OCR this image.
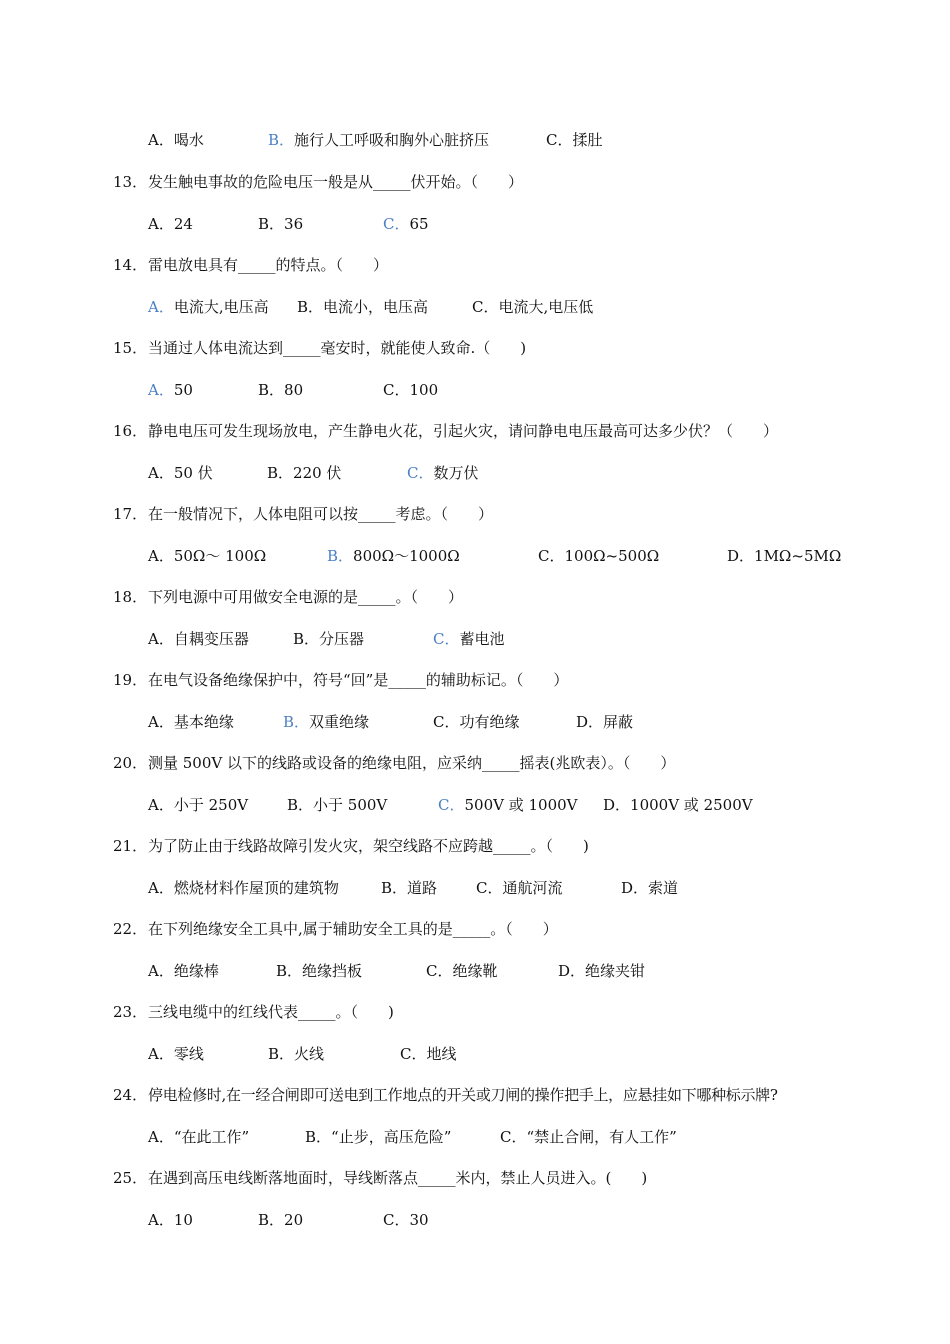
A．喝水	B．施行人工呼吸和胸外心脏挤压	C．揉肚
13． 发生触电事故的危险电压一般是从_____伏开始。（　　）
A．24	B．36	C．65
14． 雷电放电具有_____的特点。（　　）
A．电流大,电压高 B．电流小，电压高	C．电流大,电压低
15． 当通过人体电流达到_____毫安时，就能使人致命.（　　)
A．50	B．80	C．100
16． 静电电压可发生现场放电，产生静电火花，引起火灾，请问静电电压最高可达多少伏？（　　）
A．50 伏	B．220 伏	C．数万伏
17． 在一般情况下，人体电阻可以按_____考虑。（　　）
A．50Ω～ 100Ω	B．800Ω～1000Ω	C．100Ω~500Ω	D．1MΩ~5MΩ
18． 下列电源中可用做安全电源的是_____。（　　）
A．自耦变压器	B．分压器	C．蓄电池
19． 在电气设备绝缘保护中，符号“回”是_____的辅助标记。（　　）
A．基本绝缘	B．双重绝缘	C．功有绝缘	D．屏蔽
20． 测量 500V 以下的线路或设备的绝缘电阻，应采纳_____摇表(兆欧表）。（　　）
A．小于 250V	B．小于 500V	C．500V 或 1000V D．1000V 或 2500V
21． 为了防止由于线路故障引发火灾，架空线路不应跨越_____。（　　)
A．燃烧材料作屋顶的建筑物	B．道路	C．通航河流	D．索道
22． 在下列绝缘安全工具中,属于辅助安全工具的是_____。（　　）
A．绝缘棒	B．绝缘挡板	C．绝缘靴	D．绝缘夹钳
23． 三线电缆中的红线代表_____。（　　)
A．零线	B．火线	C．地线
24． 停电检修时,在一经合闸即可送电到工作地点的开关或刀闸的操作把手上，应悬挂如下哪种标示牌?
A．“在此工作”	B．“止步，高压危险”	C．“禁止合闸，有人工作”
25． 在遇到高压电线断落地面时，导线断落点_____米内，禁止人员进入。(　　)
A．10	B．20	C．30
